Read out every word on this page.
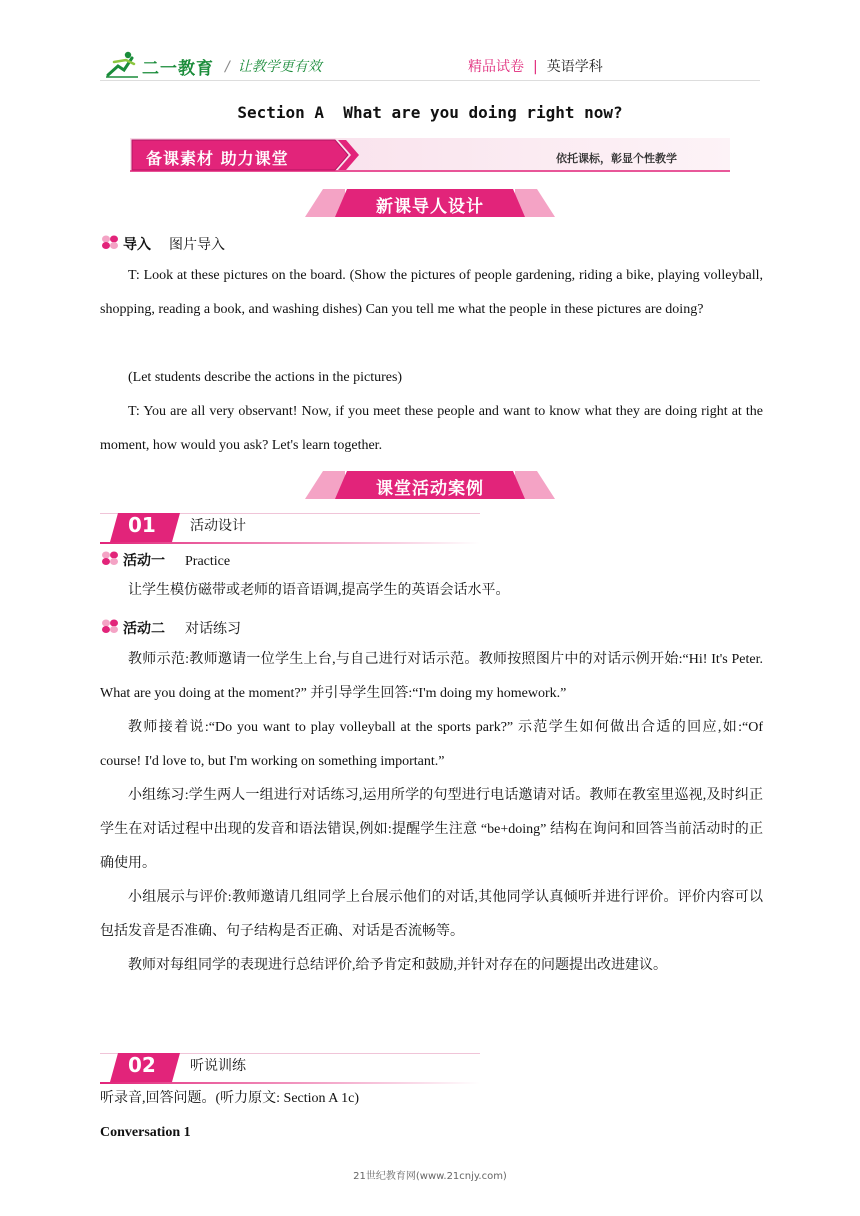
二一教育 / 让教学更有效	精品试卷 | 英语学科
Section A  What are you doing right now?
备课素材 助力课堂	依托课标，彰显个性教学
新课导人设计
导入 图片导入
T: Look at these pictures on the board. (Show the pictures of people gardening, riding a bike, playing volleyball, shopping, reading a book, and washing dishes) Can you tell me what the people in these pictures are doing?
(Let students describe the actions in the pictures)
T: You are all very observant! Now, if you meet these people and want to know what they are doing right at the moment, how would you ask? Let's learn together.
课堂活动案例
01 活动设计
活动一 Practice
让学生模仿磁带或老师的语音语调,提高学生的英语会话水平。
活动二 对话练习
教师示范:教师邀请一位学生上台,与自己进行对话示范。教师按照图片中的对话示例开始:“Hi! It's Peter. What are you doing at the moment?” 并引导学生回答:“I'm doing my homework.”
教师接着说:“Do you want to play volleyball at the sports park?” 示范学生如何做出合适的回应,如:“Of course! I'd love to, but I'm working on something important.”
小组练习:学生两人一组进行对话练习,运用所学的句型进行电话邀请对话。教师在教室里巡视,及时纠正学生在对话过程中出现的发音和语法错误,例如:提醒学生注意 “be+doing” 结构在询问和回答当前活动时的正确使用。
小组展示与评价:教师邀请几组同学上台展示他们的对话,其他同学认真倾听并进行评价。评价内容可以包括发音是否准确、句子结构是否正确、对话是否流畅等。
教师对每组同学的表现进行总结评价,给予肯定和鼓励,并针对存在的问题提出改进建议。
02 听说训练
听录音,回答问题。(听力原文: Section A 1c)
Conversation 1
21世纪教育网(www.21cnjy.com)
